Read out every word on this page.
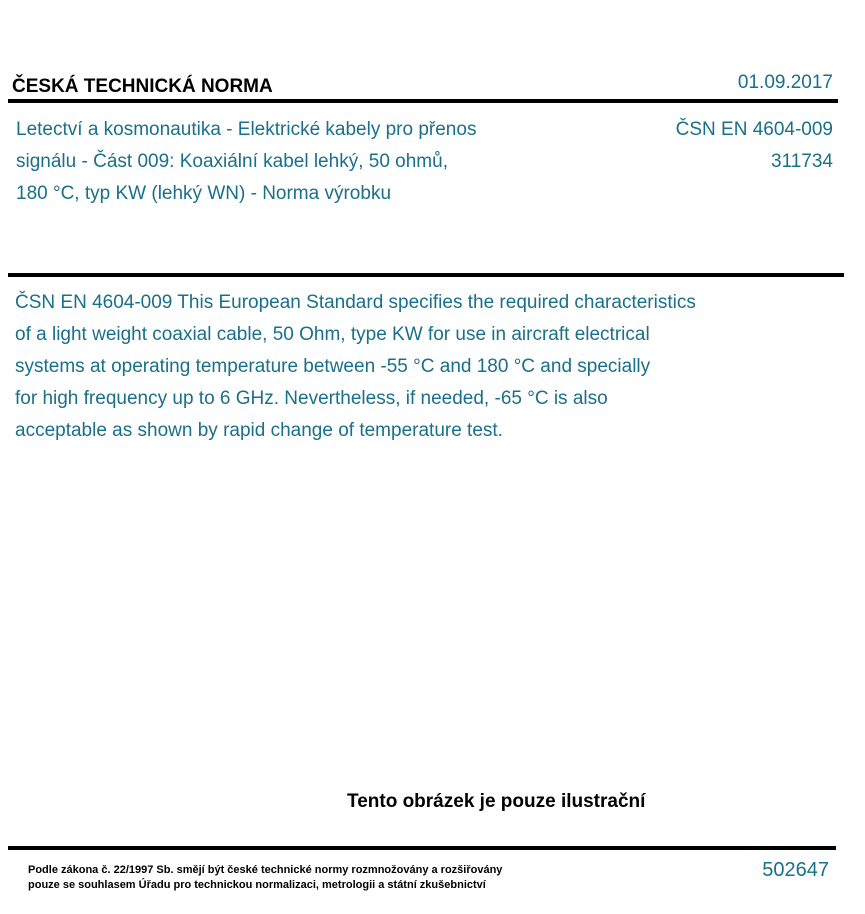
ČESKÁ TECHNICKÁ NORMA	01.09.2017
Letectví a kosmonautika - Elektrické kabely pro přenos
signálu - Část 009: Koaxiální kabel lehký, 50 ohmů,
180 °C, typ KW (lehký WN) - Norma výrobku
ČSN EN 4604-009
311734
ČSN EN 4604-009 This European Standard specifies the required characteristics
of a light weight coaxial cable, 50 Ohm, type KW for use in aircraft electrical
systems at operating temperature between -55 °C and 180 °C and specially
for high frequency up to 6 GHz. Nevertheless, if needed, -65 °C is also
acceptable as shown by rapid change of temperature test.
Tento obrázek je pouze ilustrační
Podle zákona č. 22/1997 Sb. smějí být české technické normy rozmnožovány a rozšiřovány
pouze se souhlasem Úřadu pro technickou normalizaci, metrologii a státní zkušebnictví
502647
